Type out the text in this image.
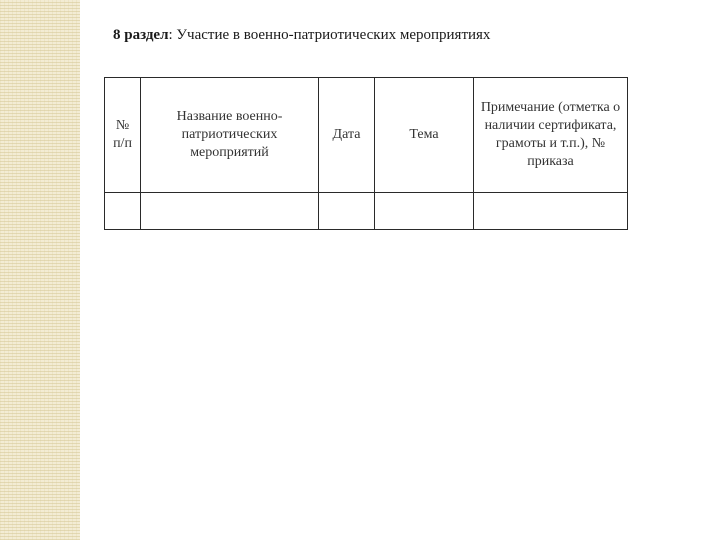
8 раздел: Участие в военно-патриотических мероприятиях
№ п/п	Название военно-патриотических мероприятий	Дата	Тема	Примечание (отметка о наличии сертификата, грамоты и т.п.), № приказа
